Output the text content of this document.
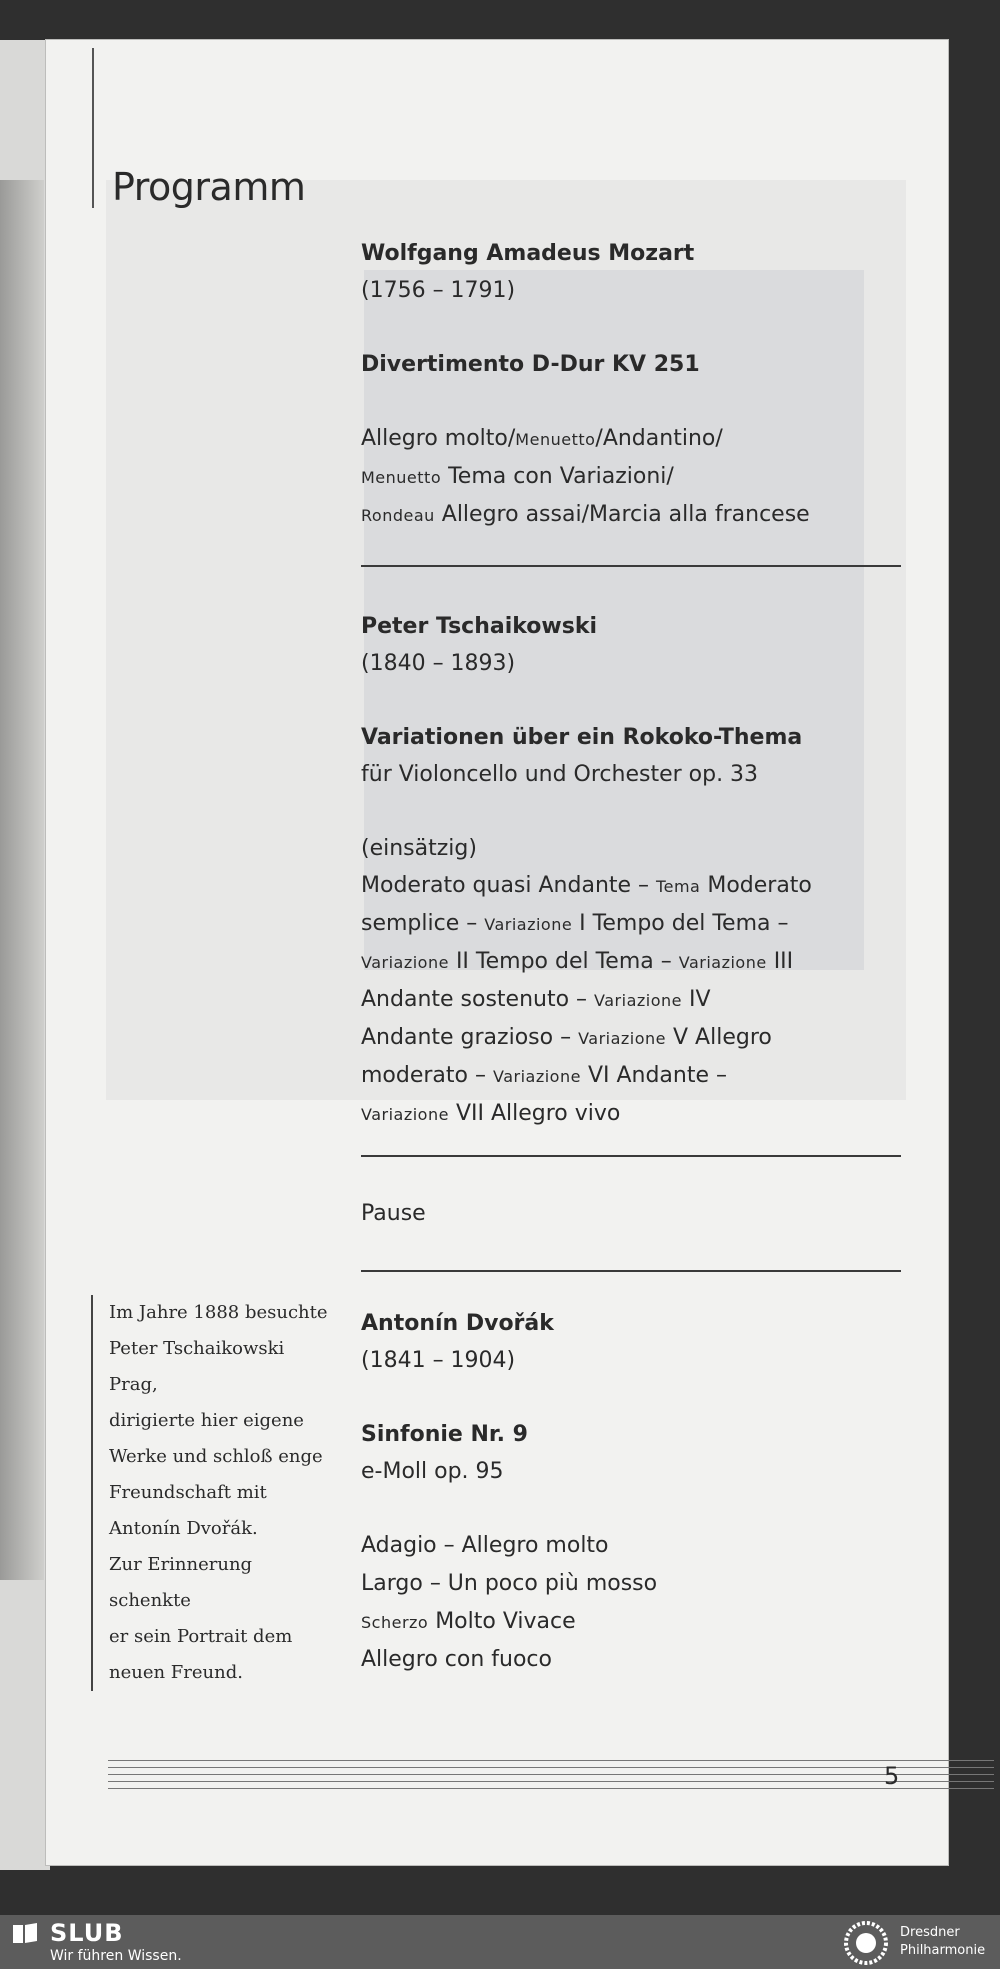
Programm
Wolfgang Amadeus Mozart
(1756 – 1791)
Divertimento D-Dur KV 251
Allegro molto/Menuetto/Andantino/
Menuetto Tema con Variazioni/
Rondeau Allegro assai/Marcia alla francese
Peter Tschaikowski
(1840 – 1893)
Variationen über ein Rokoko-Thema
für Violoncello und Orchester op. 33
(einsätzig)
Moderato quasi Andante – Tema Moderato
semplice – Variazione I Tempo del Tema –
Variazione II Tempo del Tema – Variazione III
Andante sostenuto – Variazione IV
Andante grazioso – Variazione V Allegro
moderato – Variazione VI Andante –
Variazione VII Allegro vivo
Pause
Antonín Dvořák
(1841 – 1904)
Sinfonie Nr. 9
e-Moll op. 95
Adagio – Allegro molto
Largo – Un poco più mosso
Scherzo Molto Vivace
Allegro con fuoco
Im Jahre 1888 besuchte
Peter Tschaikowski Prag,
dirigierte hier eigene
Werke und schloß enge
Freundschaft mit
Antonín Dvořák.
Zur Erinnerung schenkte
er sein Portrait dem
neuen Freund.
5
SLUB
Wir führen Wissen.
Dresdner
Philharmonie
